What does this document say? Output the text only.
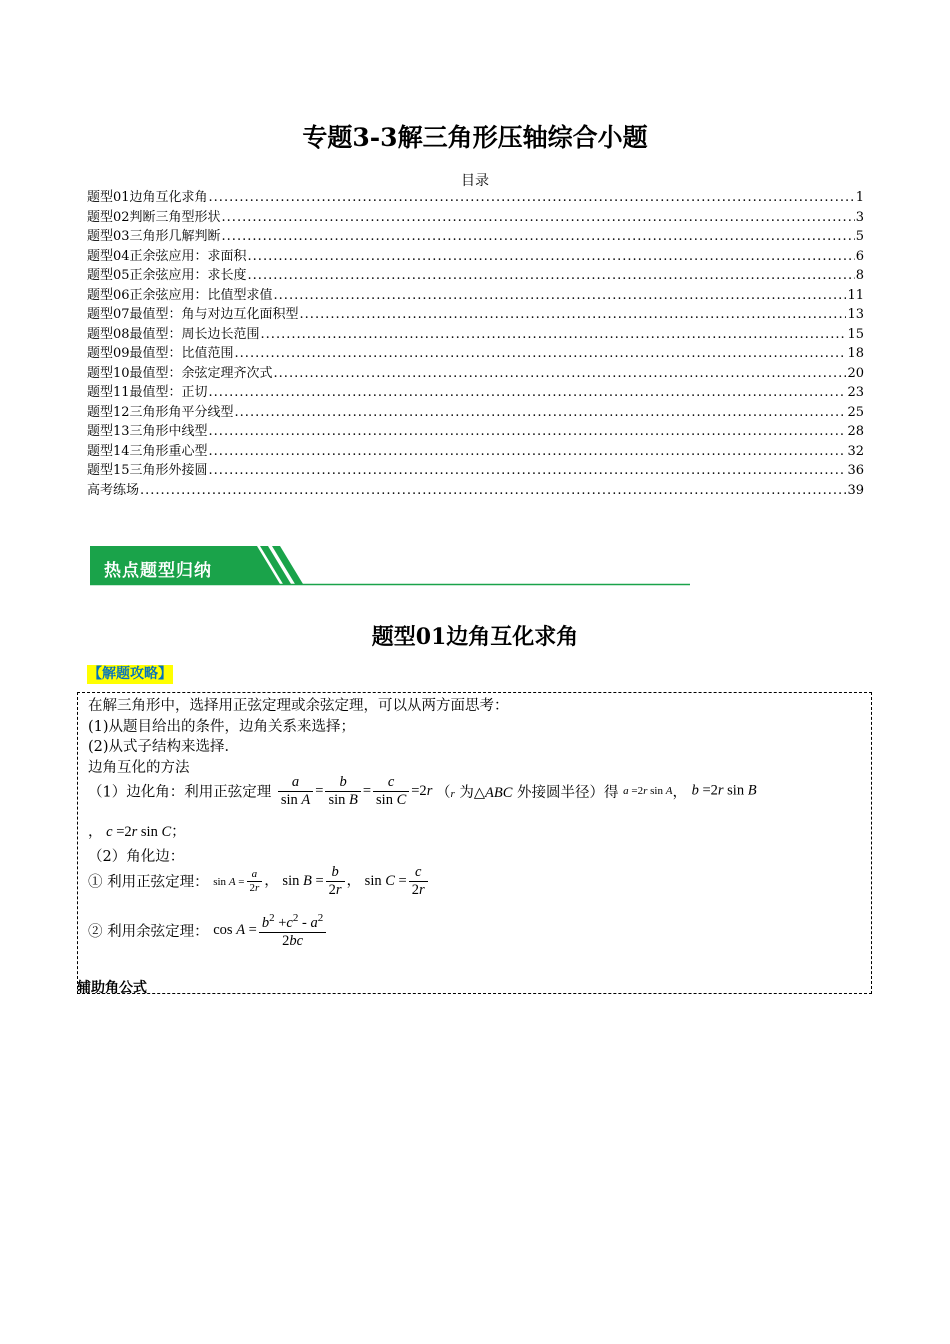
专题3-3解三角形压轴综合小题
目录
题型01边角互化求角 .....	1
题型02判断三角型形状 .....	3
题型03三角形几解判断 .....	5
题型04正余弦应用：求面积 .....	6
题型05正余弦应用：求长度 .....	8
题型06正余弦应用：比值型求值 .....	11
题型07最值型：角与对边互化面积型 .....	13
题型08最值型：周长边长范围 .....	15
题型09最值型：比值范围 .....	18
题型10最值型：余弦定理齐次式 .....	20
题型11最值型：正切 .....	23
题型12三角形角平分线型 .....	25
题型13三角形中线型 .....	28
题型14三角形重心型 .....	32
题型15三角形外接圆 .....	36
高考练场 .....	39
热点题型归纳
题型01边角互化求角
【解题攻略】
在解三角形中，选择用正弦定理或余弦定理，可以从两方面思考：
(1)从题目给出的条件，边角关系来选择；
(2)从式子结构来选择．
边角互化的方法
（1）边化角：利用正弦定理 $\frac{a}{\text{sin A}} = \frac{b}{\text{sin B}} = \frac{c}{\text{sin C}} =2r$ （r 为△ABC 外接圆半径）得 a =2r sin A， b =2r sin B
， c =2r sin C；
（2）角化边：
① 利用正弦定理： $\sin A = \frac{a}{2r}$ ， $\sin B = \frac{b}{2r}$ ， $\sin C = \frac{c}{2r}$
② 利用余弦定理： $\cos A = \frac{b^2 +c^2 - a^2}{2bc}$
辅助角公式
